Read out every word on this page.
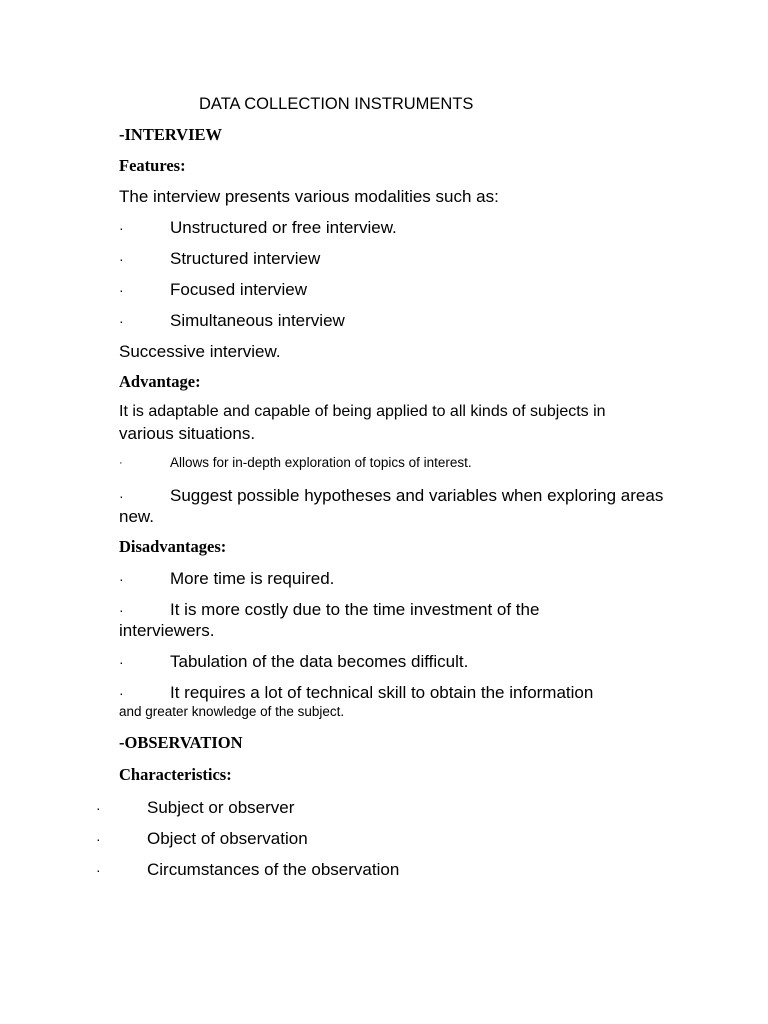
DATA COLLECTION INSTRUMENTS
-INTERVIEW
Features:
The interview presents various modalities such as:
·	Unstructured or free interview.
·	Structured interview
·	Focused interview
·	Simultaneous interview
Successive interview.
Advantage:
It is adaptable and capable of being applied to all kinds of subjects in
various situations.
·	Allows for in-depth exploration of topics of interest.
·	Suggest possible hypotheses and variables when exploring areas
new.
Disadvantages:
·	More time is required.
·	It is more costly due to the time investment of the
interviewers.
·	Tabulation of the data becomes difficult.
·	It requires a lot of technical skill to obtain the information
and greater knowledge of the subject.
-OBSERVATION
Characteristics:
·	Subject or observer
·	Object of observation
·	Circumstances of the observation
